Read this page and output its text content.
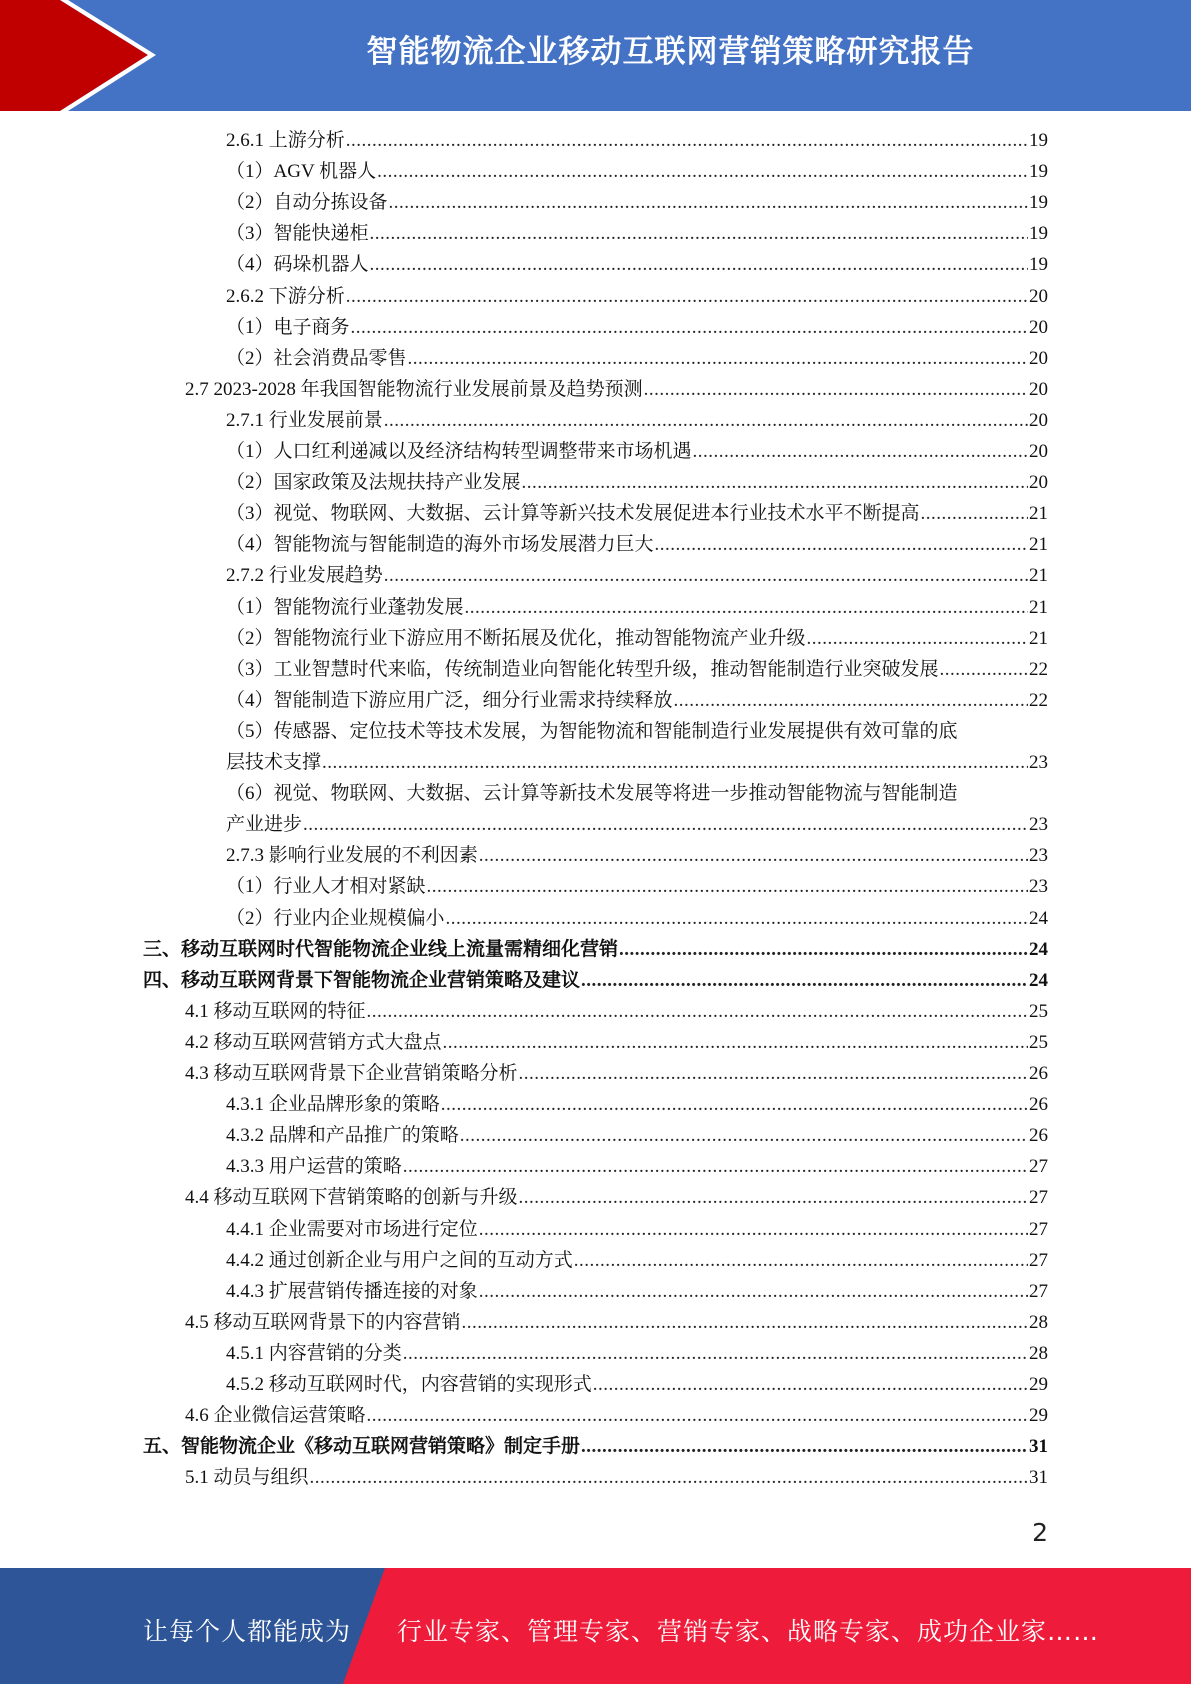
智能物流企业移动互联网营销策略研究报告
2.6.1 上游分析 .....	19
（1）AGV 机器人 .....	19
（2）自动分拣设备 .....	19
（3）智能快递柜 .....	19
（4）码垛机器人 .....	19
2.6.2 下游分析 .....	20
（1）电子商务 .....	20
（2）社会消费品零售 .....	20
2.7 2023-2028 年我国智能物流行业发展前景及趋势预测 .....	20
2.7.1 行业发展前景 .....	20
（1）人口红利递减以及经济结构转型调整带来市场机遇 .....	20
（2）国家政策及法规扶持产业发展 .....	20
（3）视觉、物联网、大数据、云计算等新兴技术发展促进本行业技术水平不断提高 .....	21
（4）智能物流与智能制造的海外市场发展潜力巨大 .....	21
2.7.2 行业发展趋势 .....	21
（1）智能物流行业蓬勃发展 .....	21
（2）智能物流行业下游应用不断拓展及优化，推动智能物流产业升级 .....	21
（3）工业智慧时代来临，传统制造业向智能化转型升级，推动智能制造行业突破发展 .....	22
（4）智能制造下游应用广泛，细分行业需求持续释放 .....	22
（5）传感器、定位技术等技术发展，为智能物流和智能制造行业发展提供有效可靠的底
层技术支撑 .....	23
（6）视觉、物联网、大数据、云计算等新技术发展等将进一步推动智能物流与智能制造
产业进步 .....	23
2.7.3 影响行业发展的不利因素 .....	23
（1）行业人才相对紧缺 .....	23
（2）行业内企业规模偏小 .....	24
三、移动互联网时代智能物流企业线上流量需精细化营销 .....	24
四、移动互联网背景下智能物流企业营销策略及建议 .....	24
4.1 移动互联网的特征 .....	25
4.2 移动互联网营销方式大盘点 .....	25
4.3 移动互联网背景下企业营销策略分析 .....	26
4.3.1 企业品牌形象的策略 .....	26
4.3.2 品牌和产品推广的策略 .....	26
4.3.3 用户运营的策略 .....	27
4.4 移动互联网下营销策略的创新与升级 .....	27
4.4.1 企业需要对市场进行定位 .....	27
4.4.2 通过创新企业与用户之间的互动方式 .....	27
4.4.3 扩展营销传播连接的对象 .....	27
4.5 移动互联网背景下的内容营销 .....	28
4.5.1 内容营销的分类 .....	28
4.5.2 移动互联网时代，内容营销的实现形式 .....	29
4.6 企业微信运营策略 .....	29
五、智能物流企业《移动互联网营销策略》制定手册 .....	31
5.1 动员与组织 .....	31
2
让每个人都能成为 行业专家、管理专家、营销专家、战略专家、成功企业家……
